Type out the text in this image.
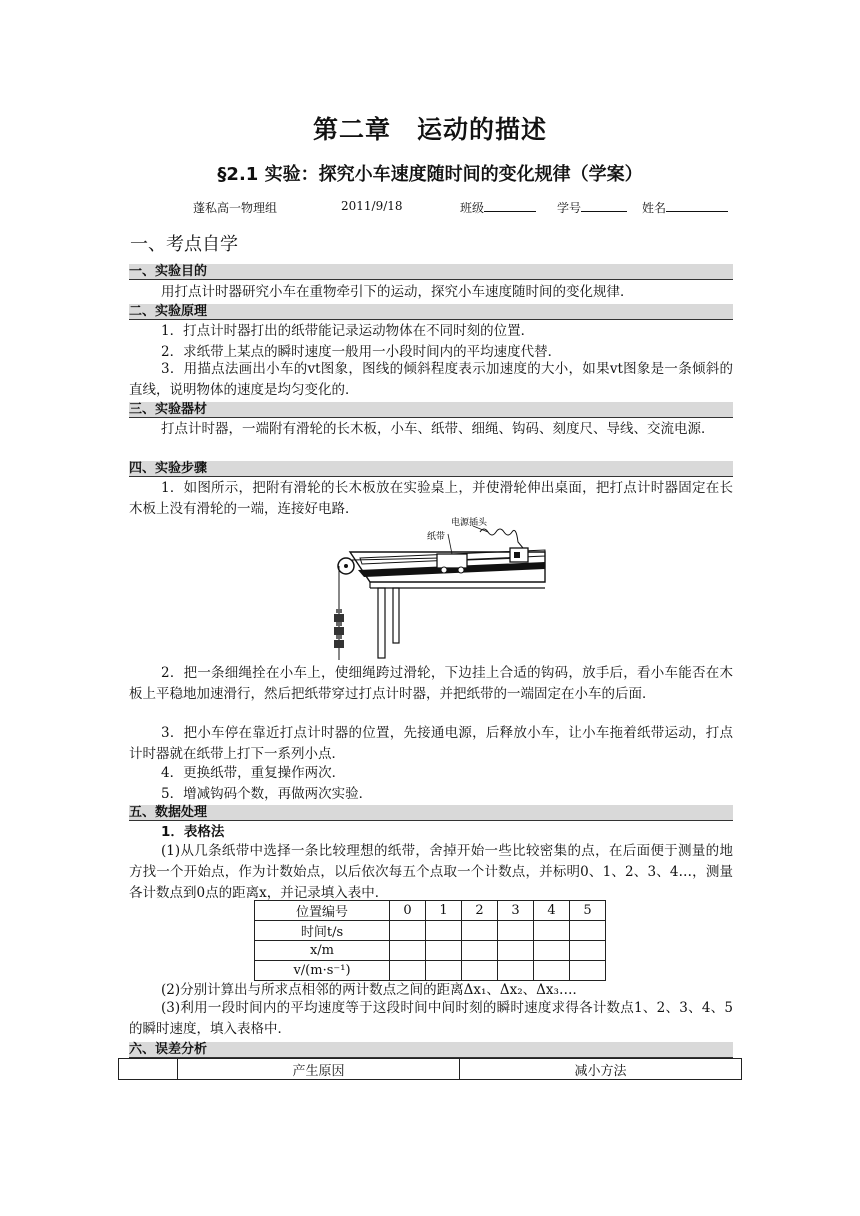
第二章　运动的描述
§2.1 实验：探究小车速度随时间的变化规律（学案）
蓬私高一物理组	2011/9/18	班级	学号	姓名
一、考点自学
一、实验目的
用打点计时器研究小车在重物牵引下的运动，探究小车速度随时间的变化规律．
二、实验原理
1．打点计时器打出的纸带能记录运动物体在不同时刻的位置．
2．求纸带上某点的瞬时速度一般用一小段时间内的平均速度代替．
3．用描点法画出小车的vt图象，图线的倾斜程度表示加速度的大小，如果vt图象是一条倾斜的直线，说明物体的速度是均匀变化的．
三、实验器材
打点计时器，一端附有滑轮的长木板，小车、纸带、细绳、钩码、刻度尺、导线、交流电源．
四、实验步骤
1．如图所示，把附有滑轮的长木板放在实验桌上，并使滑轮伸出桌面，把打点计时器固定在长木板上没有滑轮的一端，连接好电路．
电源插头
纸带
2．把一条细绳拴在小车上，使细绳跨过滑轮，下边挂上合适的钩码，放手后，看小车能否在木板上平稳地加速滑行，然后把纸带穿过打点计时器，并把纸带的一端固定在小车的后面．
3．把小车停在靠近打点计时器的位置，先接通电源，后释放小车，让小车拖着纸带运动，打点计时器就在纸带上打下一系列小点．
4．更换纸带，重复操作两次．
5．增减钩码个数，再做两次实验．
五、数据处理
1．表格法
(1)从几条纸带中选择一条比较理想的纸带，舍掉开始一些比较密集的点，在后面便于测量的地方找一个开始点，作为计数始点，以后依次每五个点取一个计数点，并标明0、1、2、3、4…，测量各计数点到0点的距离x，并记录填入表中．
位置编号	0	1	2	3	4	5
时间t/s						
x/m						
v/(m·s⁻¹)						
(2)分别计算出与所求点相邻的两计数点之间的距离Δx₁、Δx₂、Δx₃…．
(3)利用一段时间内的平均速度等于这段时间中间时刻的瞬时速度求得各计数点1、2、3、4、5的瞬时速度，填入表格中．
六、误差分析
	产生原因	减小方法
